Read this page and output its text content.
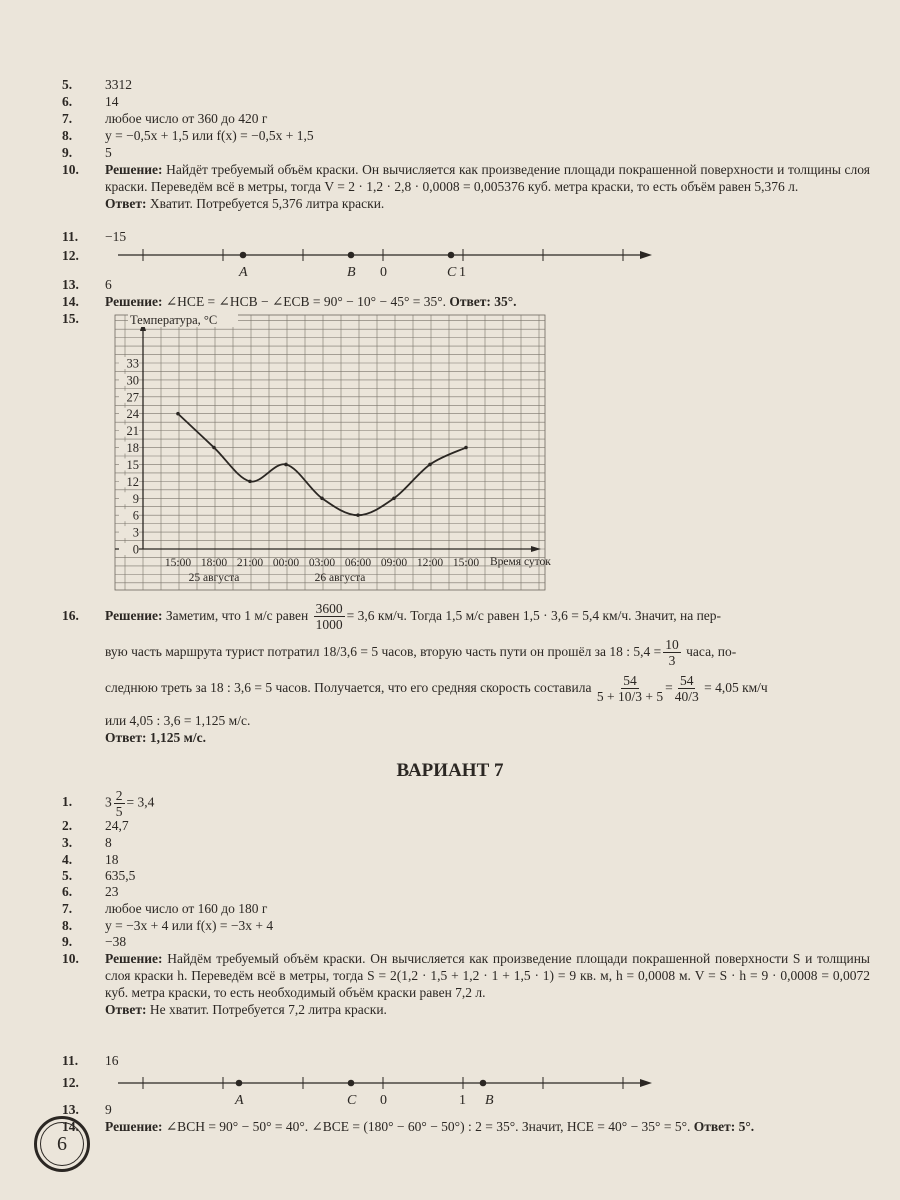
5. 3312
6. 14
7. любое число от 360 до 420 г
8. y = −0,5x + 1,5 или f(x) = −0,5x + 1,5
9. 5
10. Решение: Найдёт требуемый объём краски. Он вычисляется как произведение площади покрашенной поверхности и толщины слоя краски. Переведём всё в метры, тогда V = 2 · 1,2 · 2,8 · 0,0008 = 0,005376 куб. метра краски, то есть объём равен 5,376 л.
Ответ: Хватит. Потребуется 5,376 литра краски.
11. −15
12.
0	1
A	B	C
13. 6
14. Решение: ∠HCE = ∠HCB − ∠ECB = 90° − 10° − 45° = 35°. Ответ: 35°.
15.	Температура, °C
0
3
6
9
12
15
18
21
24
27
30
33
15:00 18:00 21:00 00:00 03:00 06:00 09:00 12:00 15:00 Время суток
25 августа	26 августа
16. Решение: Заметим, что 1 м/с равен $\frac{3600}{1000} = 3,6$ км/ч. Тогда 1,5 м/с равен 1,5 · 3,6 = 5,4 км/ч. Значит, на пер-
вую часть маршрута турист потратил 18/3,6 = 5 часов, вторую часть пути он прошёл за 18 : $5,4 = \frac{10}{3}$ часа, по-
следнюю треть за 18 : 3,6 = 5 часов. Получается, что его средняя скорость составила $\frac{54}{5 + 10/3 + 5} = \frac{54}{40/3} = 4,05$ км/ч
или 4,05 : 3,6 = 1,125 м/с.
Ответ: 1,125 м/с.
ВАРИАНТ 7
1. $3 \frac{2}{5} = 3,4$
2. 24,7
3. 8
4. 18
5. 635,5
6. 23
7. любое число от 160 до 180 г
8. y = −3x + 4 или f(x) = −3x + 4
9. −38
10. Решение: Найдём требуемый объём краски. Он вычисляется как произведение площади покрашенной поверхности S и толщины слоя краски h. Переведём всё в метры, тогда S = 2(1,2 · 1,5 + 1,2 · 1 + 1,5 · 1) = 9 кв. м, h = 0,0008 м. V = S · h = 9 · 0,0008 = 0,0072 куб. метра краски, то есть необходимый объём краски равен 7,2 л.
Ответ: Не хватит. Потребуется 7,2 литра краски.
11. 16
12.
0	1
A	C	B
13. 9
14. Решение: ∠BCH = 90° − 50° = 40°. ∠BCE = (180° − 60° − 50°) : 2 = 35°. Значит, HCE = 40° − 35° = 5°. Ответ: 5°.
6
